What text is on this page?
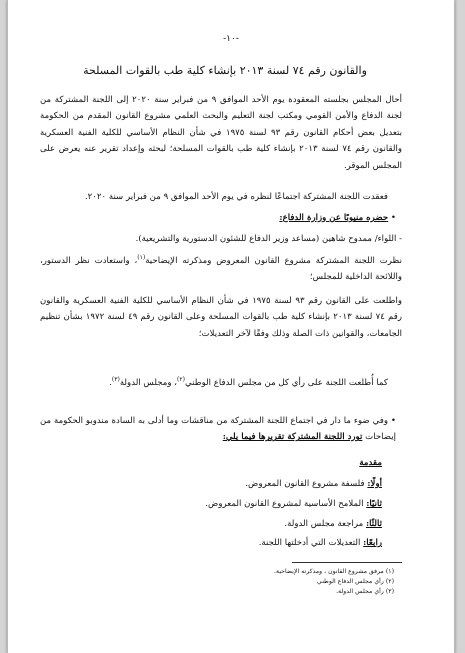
-١٠-
والقانون رقم ٧٤ لسنة ٢٠١٣ بإنشاء كلية طب بالقوات المسلحة
أحال المجلس بجلسته المعقودة يوم الأحد الموافق ٩ من فبراير سنة ٢٠٢٠ إلى اللجنة المشتركة من لجنة الدفاع والأمن القومي ومكتب لجنة التعليم والبحث العلمي مشروع القانون المقدم من الحكومة بتعديل بعض أحكام القانون رقم ٩٣ لسنة ١٩٧٥ في شأن النظام الأساسي للكلية الفنية العسكرية والقانون رقم ٧٤ لسنة ٢٠١٣ بإنشاء كلية طب بالقوات المسلحة؛ لبحثه وإعداد تقرير عنه يعرض على المجلس الموقر.
فعقدت اللجنة المشتركة اجتماعًا لنظره في يوم الأحد الموافق ٩ من فبراير سنة ٢٠٢٠.
• حضره منيوبًا عن وزارة الدفاع:
- اللواء/ ممدوح شاهين (مساعد وزير الدفاع للشئون الدستورية والتشريعية).
نظرت اللجنة المشتركة مشروع القانون المعروض ومذكرته الإيضاحية$^{(١)}$، واستعادت نظر الدستور، واللائحة الداخلية للمجلس؛
واطلعت على القانون رقم ٩٣ لسنة ١٩٧٥ في شأن النظام الأساسي للكلية الفنية العسكرية والقانون رقم ٧٤ لسنة ٢٠١٣ بإنشاء كلية طب بالقوات المسلحة وعلى القانون رقم ٤٩ لسنة ١٩٧٢ بشأن تنظيم الجامعات، والقوانين ذات الصلة وذلك وفقًا لآخر التعديلات؛
كما أُطلعت اللجنة على رأي كل من مجلس الدفاع الوطني$^{(٢)}$، ومجلس الدولة$^{(٣)}$.
• وفي ضوء ما دار في اجتماع اللجنة المشتركة من مناقشات وما أدلى به السادة مندوبو الحكومة من إيضاحات تورد اللجنة المشتركة تقريرها فيما يلي:
مقدمة
أولًا: فلسفة مشروع القانون المعروض.
ثانيًا: الملامح الأساسية لمشروع القانون المعروض.
ثالثًا: مراجعة مجلس الدولة.
رابعًا: التعديلات التي أدخلتها اللجنة.
(١) مرفق مشروع القانون ، ومذكرته الإيضاحية.
(٢) رأي مجلس الدفاع الوطني
(٣) رأي مجلس الدولة.
